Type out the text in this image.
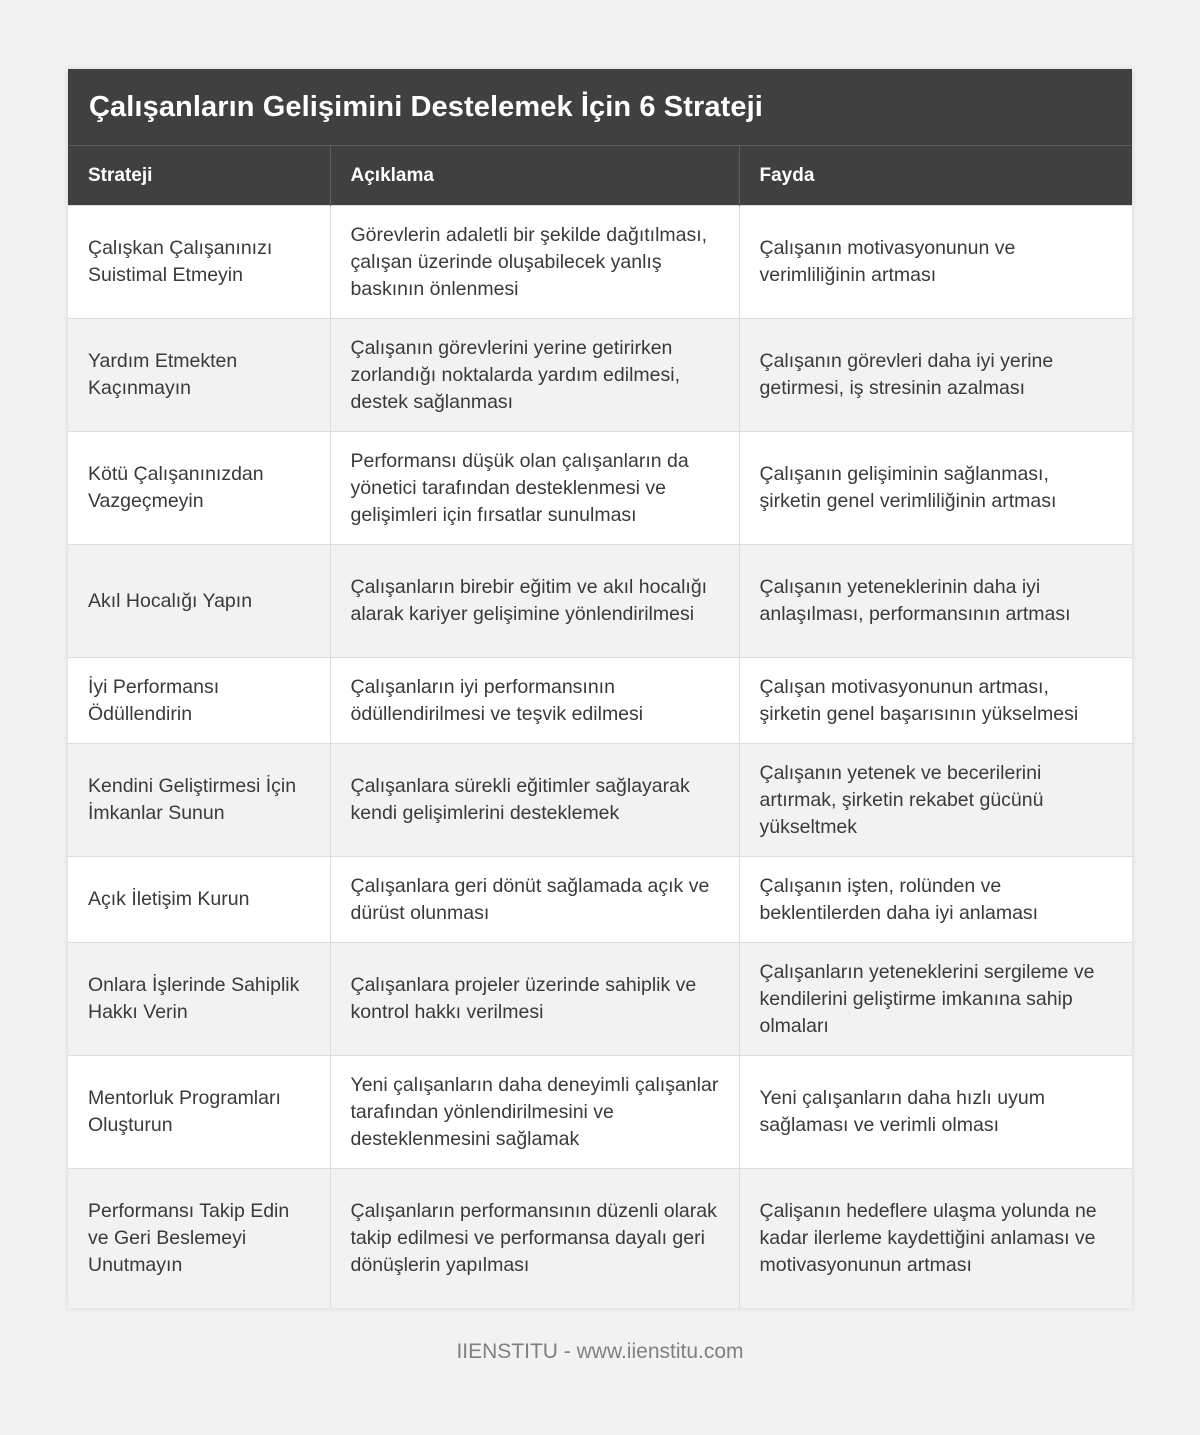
Çalışanların Gelişimini Destelemek İçin 6 Strateji
Strateji	Açıklama	Fayda
Çalışkan Çalışanınızı Suistimal Etmeyin	Görevlerin adaletli bir şekilde dağıtılması, çalışan üzerinde oluşabilecek yanlış baskının önlenmesi	Çalışanın motivasyonunun ve verimliliğinin artması
Yardım Etmekten Kaçınmayın	Çalışanın görevlerini yerine getirirken zorlandığı noktalarda yardım edilmesi, destek sağlanması	Çalışanın görevleri daha iyi yerine getirmesi, iş stresinin azalması
Kötü Çalışanınızdan Vazgeçmeyin	Performansı düşük olan çalışanların da yönetici tarafından desteklenmesi ve gelişimleri için fırsatlar sunulması	Çalışanın gelişiminin sağlanması, şirketin genel verimliliğinin artması
Akıl Hocalığı Yapın	Çalışanların birebir eğitim ve akıl hocalığı alarak kariyer gelişimine yönlendirilmesi	Çalışanın yeteneklerinin daha iyi anlaşılması, performansının artması
İyi Performansı Ödüllendirin	Çalışanların iyi performansının ödüllendirilmesi ve teşvik edilmesi	Çalışan motivasyonunun artması, şirketin genel başarısının yükselmesi
Kendini Geliştirmesi İçin İmkanlar Sunun	Çalışanlara sürekli eğitimler sağlayarak kendi gelişimlerini desteklemek	Çalışanın yetenek ve becerilerini artırmak, şirketin rekabet gücünü yükseltmek
Açık İletişim Kurun	Çalışanlara geri dönüt sağlamada açık ve dürüst olunması	Çalışanın işten, rolünden ve beklentilerden daha iyi anlaması
Onlara İşlerinde Sahiplik Hakkı Verin	Çalışanlara projeler üzerinde sahiplik ve kontrol hakkı verilmesi	Çalışanların yeteneklerini sergileme ve kendilerini geliştirme imkanına sahip olmaları
Mentorluk Programları Oluşturun	Yeni çalışanların daha deneyimli çalışanlar tarafından yönlendirilmesini ve desteklenmesini sağlamak	Yeni çalışanların daha hızlı uyum sağlaması ve verimli olması
Performansı Takip Edin ve Geri Beslemeyi Unutmayın	Çalışanların performansının düzenli olarak takip edilmesi ve performansa dayalı geri dönüşlerin yapılması	Çalişanın hedeflere ulaşma yolunda ne kadar ilerleme kaydettiğini anlaması ve motivasyonunun artması
IIENSTITU - www.iienstitu.com
